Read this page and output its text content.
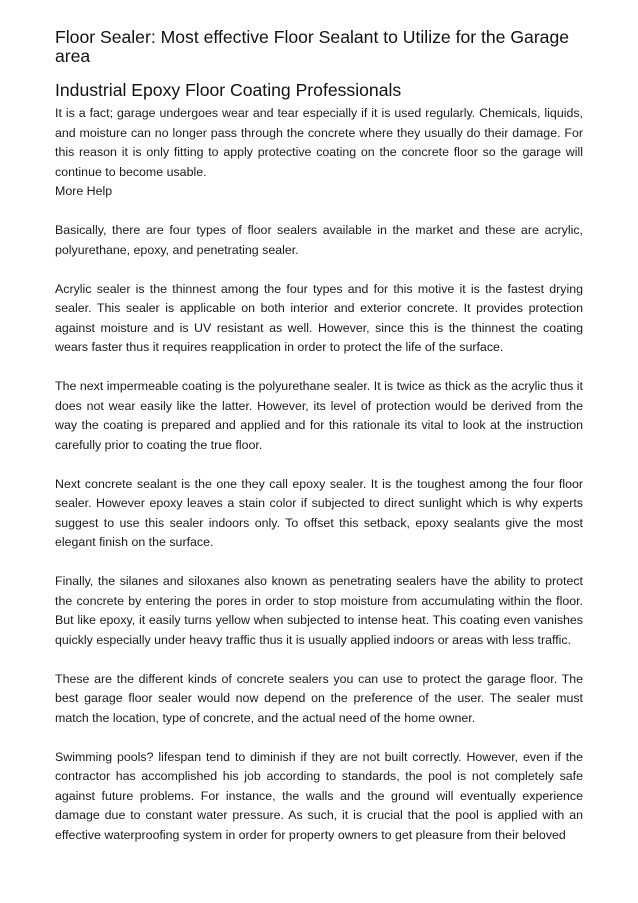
Floor Sealer: Most effective Floor Sealant to Utilize for the Garage area
Industrial Epoxy Floor Coating Professionals

It is a fact; garage undergoes wear and tear especially if it is used regularly. Chemicals, liquids, and moisture can no longer pass through the concrete where they usually do their damage. For this reason it is only fitting to apply protective coating on the concrete floor so the garage will continue to become usable.

More Help

Basically, there are four types of floor sealers available in the market and these are acrylic, polyurethane, epoxy, and penetrating sealer.

Acrylic sealer is the thinnest among the four types and for this motive it is the fastest drying sealer. This sealer is applicable on both interior and exterior concrete. It provides protection against moisture and is UV resistant as well. However, since this is the thinnest the coating wears faster thus it requires reapplication in order to protect the life of the surface.

The next impermeable coating is the polyurethane sealer. It is twice as thick as the acrylic thus it does not wear easily like the latter. However, its level of protection would be derived from the way the coating is prepared and applied and for this rationale its vital to look at the instruction carefully prior to coating the true floor.

Next concrete sealant is the one they call epoxy sealer. It is the toughest among the four floor sealer. However epoxy leaves a stain color if subjected to direct sunlight which is why experts suggest to use this sealer indoors only. To offset this setback, epoxy sealants give the most elegant finish on the surface.

Finally, the silanes and siloxanes also known as penetrating sealers have the ability to protect the concrete by entering the pores in order to stop moisture from accumulating within the floor. But like epoxy, it easily turns yellow when subjected to intense heat. This coating even vanishes quickly especially under heavy traffic thus it is usually applied indoors or areas with less traffic.

These are the different kinds of concrete sealers you can use to protect the garage floor. The best garage floor sealer would now depend on the preference of the user. The sealer must match the location, type of concrete, and the actual need of the home owner.

Swimming pools? lifespan tend to diminish if they are not built correctly. However, even if the contractor has accomplished his job according to standards, the pool is not completely safe against future problems. For instance, the walls and the ground will eventually experience damage due to constant water pressure. As such, it is crucial that the pool is applied with an effective waterproofing system in order for property owners to get pleasure from their beloved
